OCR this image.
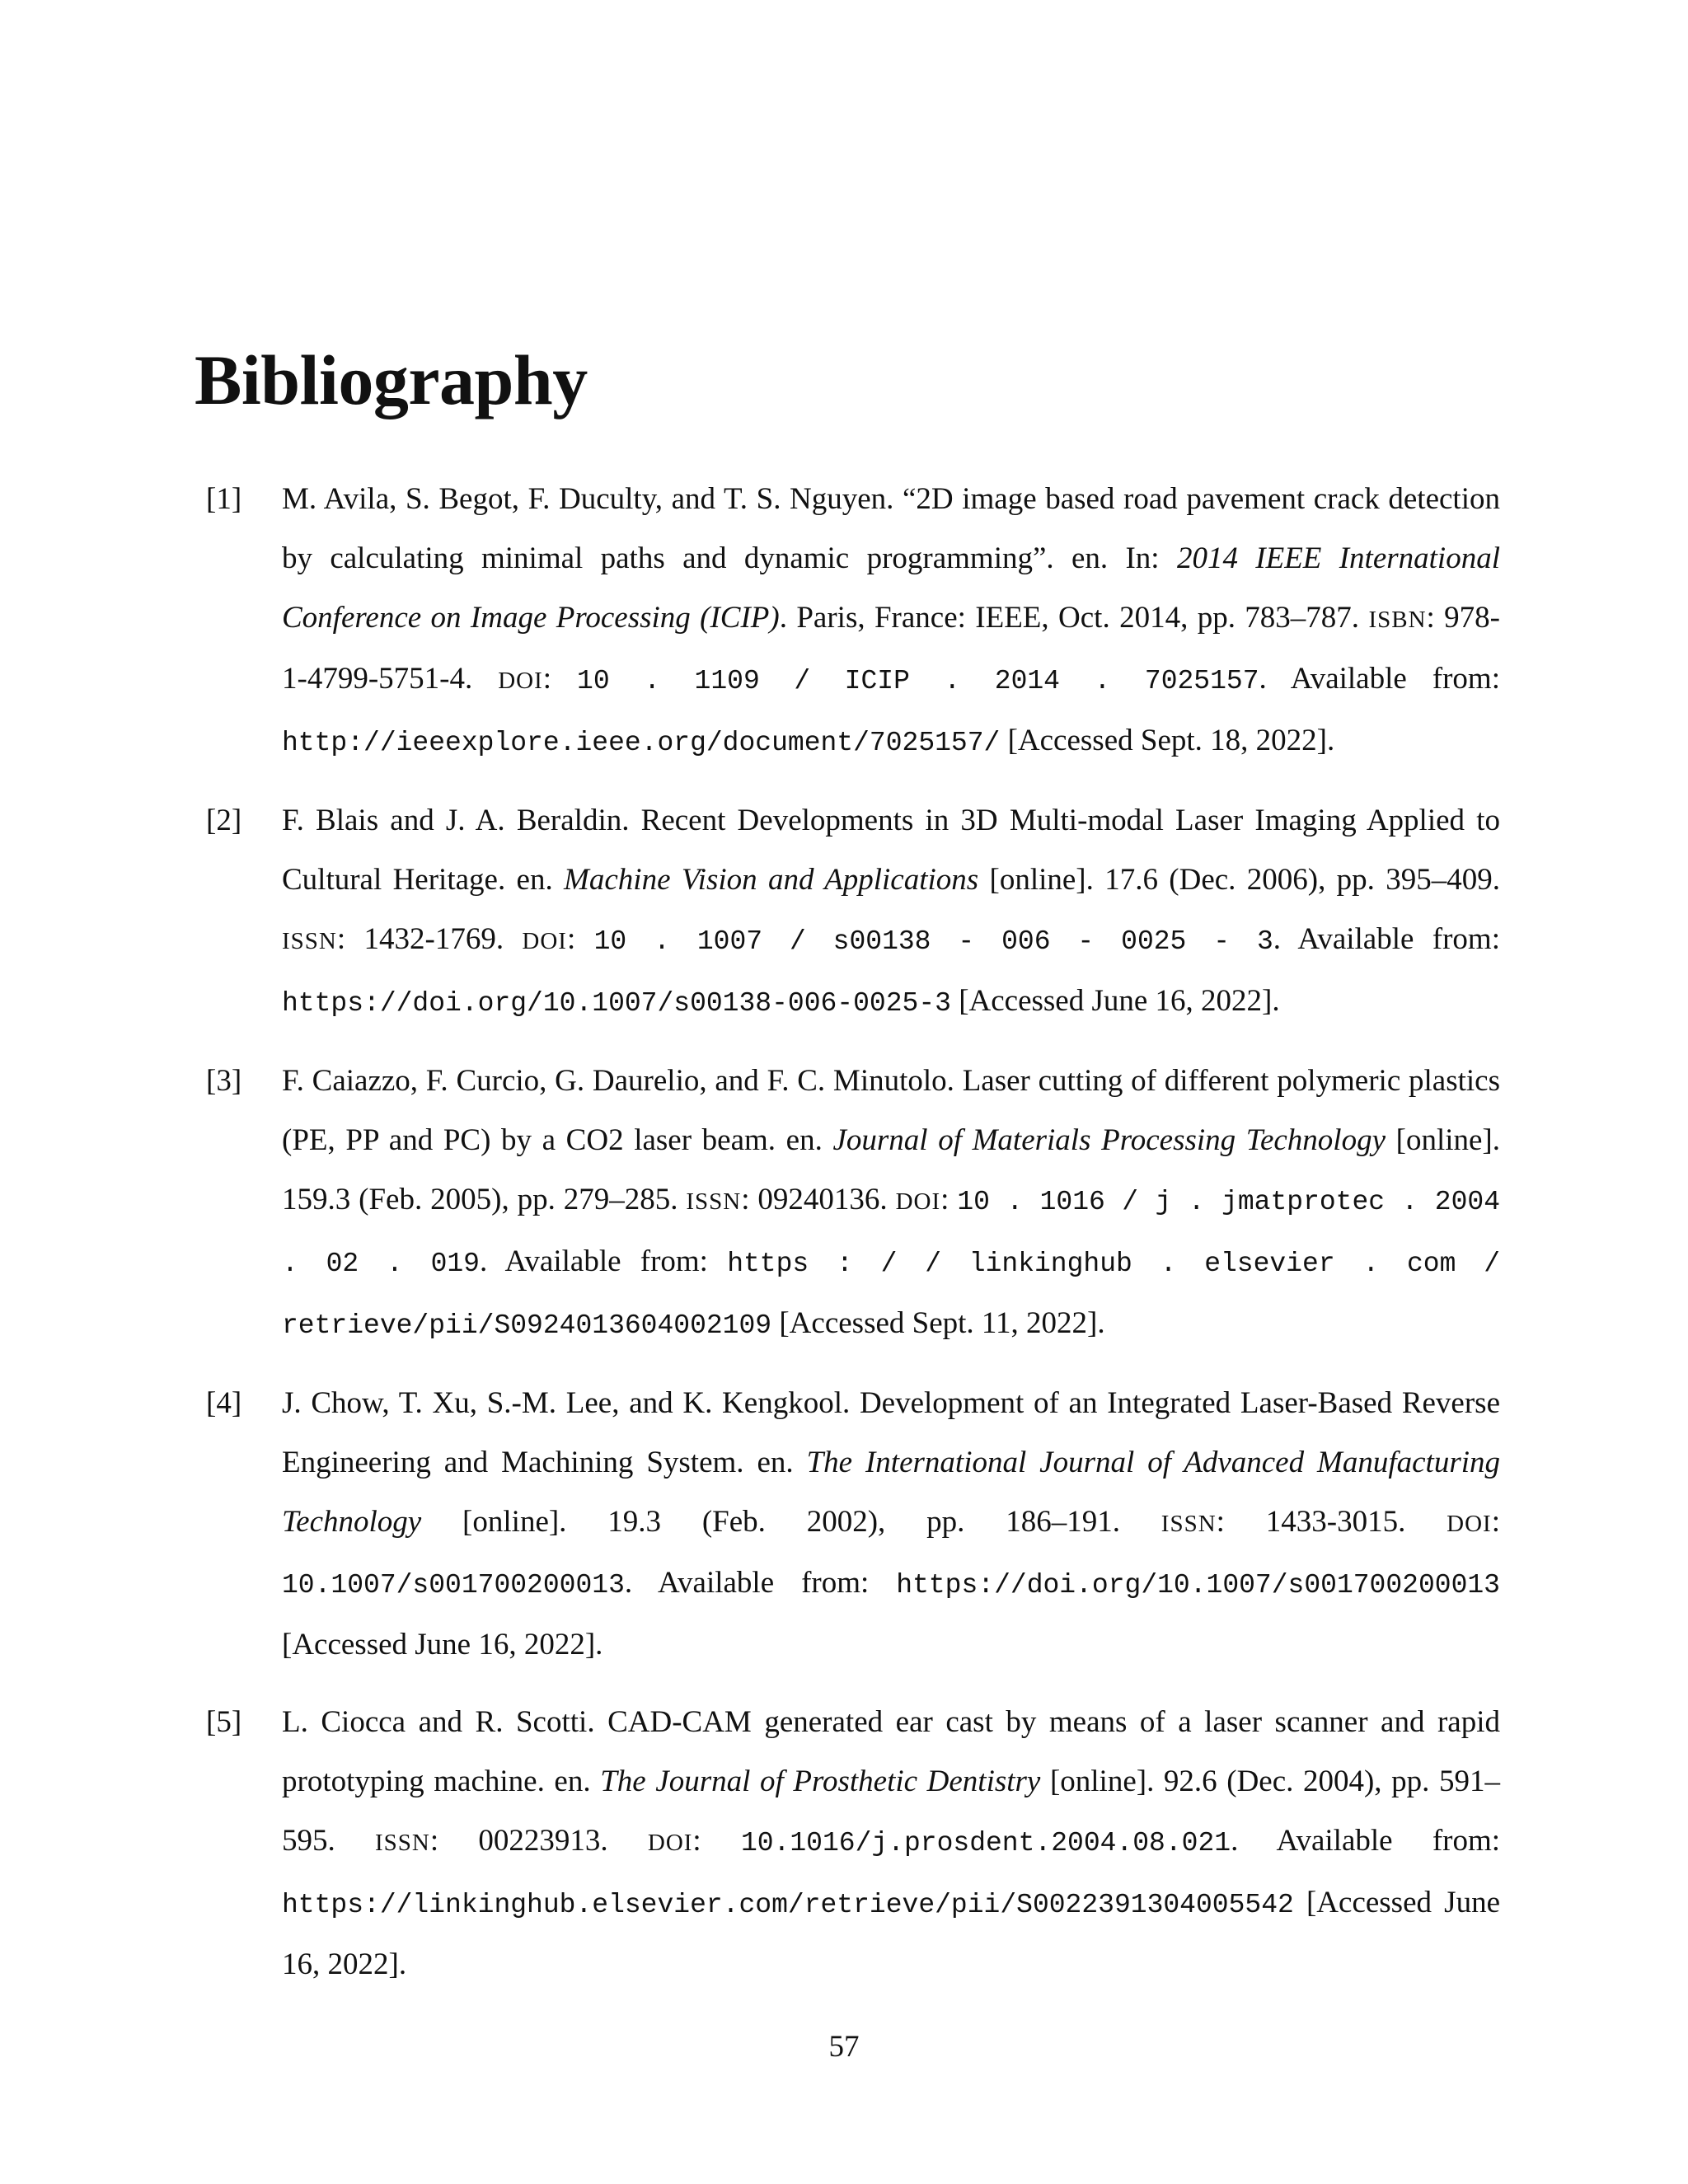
Bibliography
[1] M. Avila, S. Begot, F. Duculty, and T. S. Nguyen. “2D image based road pavement crack detection by calculating minimal paths and dynamic programming”. en. In: 2014 IEEE International Conference on Image Processing (ICIP). Paris, France: IEEE, Oct. 2014, pp. 783–787. ISBN: 978-1-4799-5751-4. DOI: 10 . 1109 / ICIP . 2014 . 7025157. Available from: http://ieeexplore.ieee.org/document/7025157/ [Accessed Sept. 18, 2022].
[2] F. Blais and J. A. Beraldin. Recent Developments in 3D Multi-modal Laser Imaging Applied to Cultural Heritage. en. Machine Vision and Applications [online]. 17.6 (Dec. 2006), pp. 395–409. ISSN: 1432-1769. DOI: 10 . 1007 / s00138 - 006 - 0025 - 3. Available from: https://doi.org/10.1007/s00138-006-0025-3 [Accessed June 16, 2022].
[3] F. Caiazzo, F. Curcio, G. Daurelio, and F. C. Minutolo. Laser cutting of different polymeric plastics (PE, PP and PC) by a CO2 laser beam. en. Journal of Materials Processing Technology [online]. 159.3 (Feb. 2005), pp. 279–285. ISSN: 09240136. DOI: 10 . 1016 / j . jmatprotec . 2004 . 02 . 019. Available from: https : / / linkinghub . elsevier . com / retrieve/pii/S0924013604002109 [Accessed Sept. 11, 2022].
[4] J. Chow, T. Xu, S.-M. Lee, and K. Kengkool. Development of an Integrated Laser-Based Reverse Engineering and Machining System. en. The International Journal of Advanced Manufacturing Technology [online]. 19.3 (Feb. 2002), pp. 186–191. ISSN: 1433-3015. DOI: 10.1007/s001700200013. Available from: https://doi.org/10.1007/s001700200013 [Accessed June 16, 2022].
[5] L. Ciocca and R. Scotti. CAD-CAM generated ear cast by means of a laser scanner and rapid prototyping machine. en. The Journal of Prosthetic Dentistry [online]. 92.6 (Dec. 2004), pp. 591–595. ISSN: 00223913. DOI: 10.1016/j.prosdent.2004.08.021. Available from: https://linkinghub.elsevier.com/retrieve/pii/S0022391304005542 [Accessed June 16, 2022].
57
